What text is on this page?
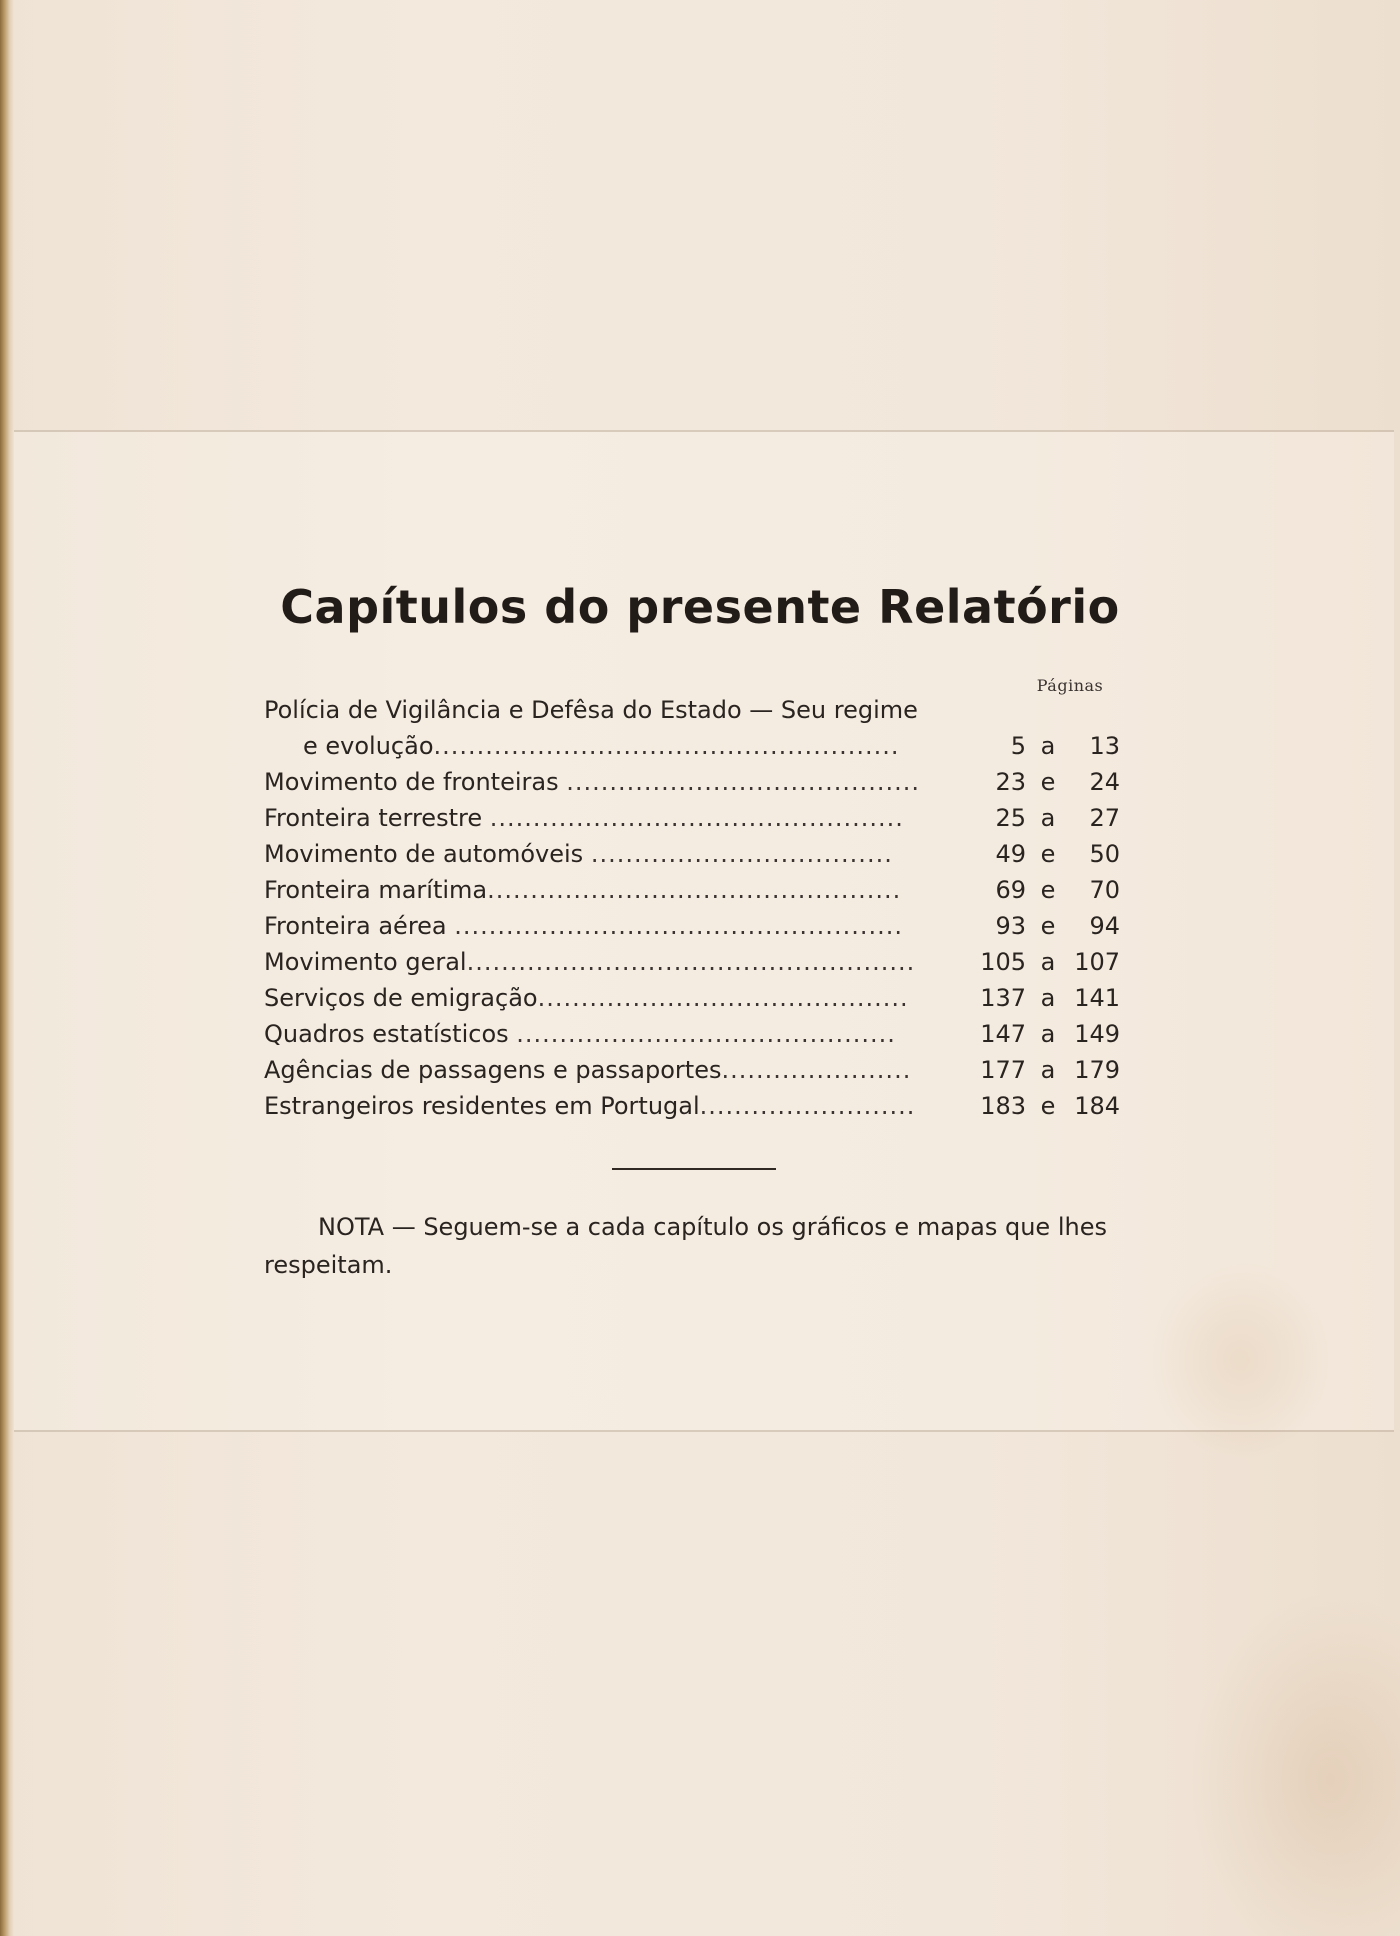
Capítulos do presente Relatório
Páginas
Polícia de Vigilância e Defêsa do Estado — Seu regime
e evolução......................................................	5 a	13
Movimento de fronteiras .........................................	23 e	24
Fronteira terrestre ................................................	25 a	27
Movimento de automóveis ...................................	49 e	50
Fronteira marítima................................................	69 e	70
Fronteira aérea ....................................................	93 e	94
Movimento geral....................................................	105 a 107
Serviços de emigração...........................................	137 a 141
Quadros estatísticos ............................................	147 a 149
Agências de passagens e passaportes......................	177 a 179
Estrangeiros residentes em Portugal.........................	183 e 184
NOTA — Seguem-se a cada capítulo os gráficos e mapas que lhes respeitam.
